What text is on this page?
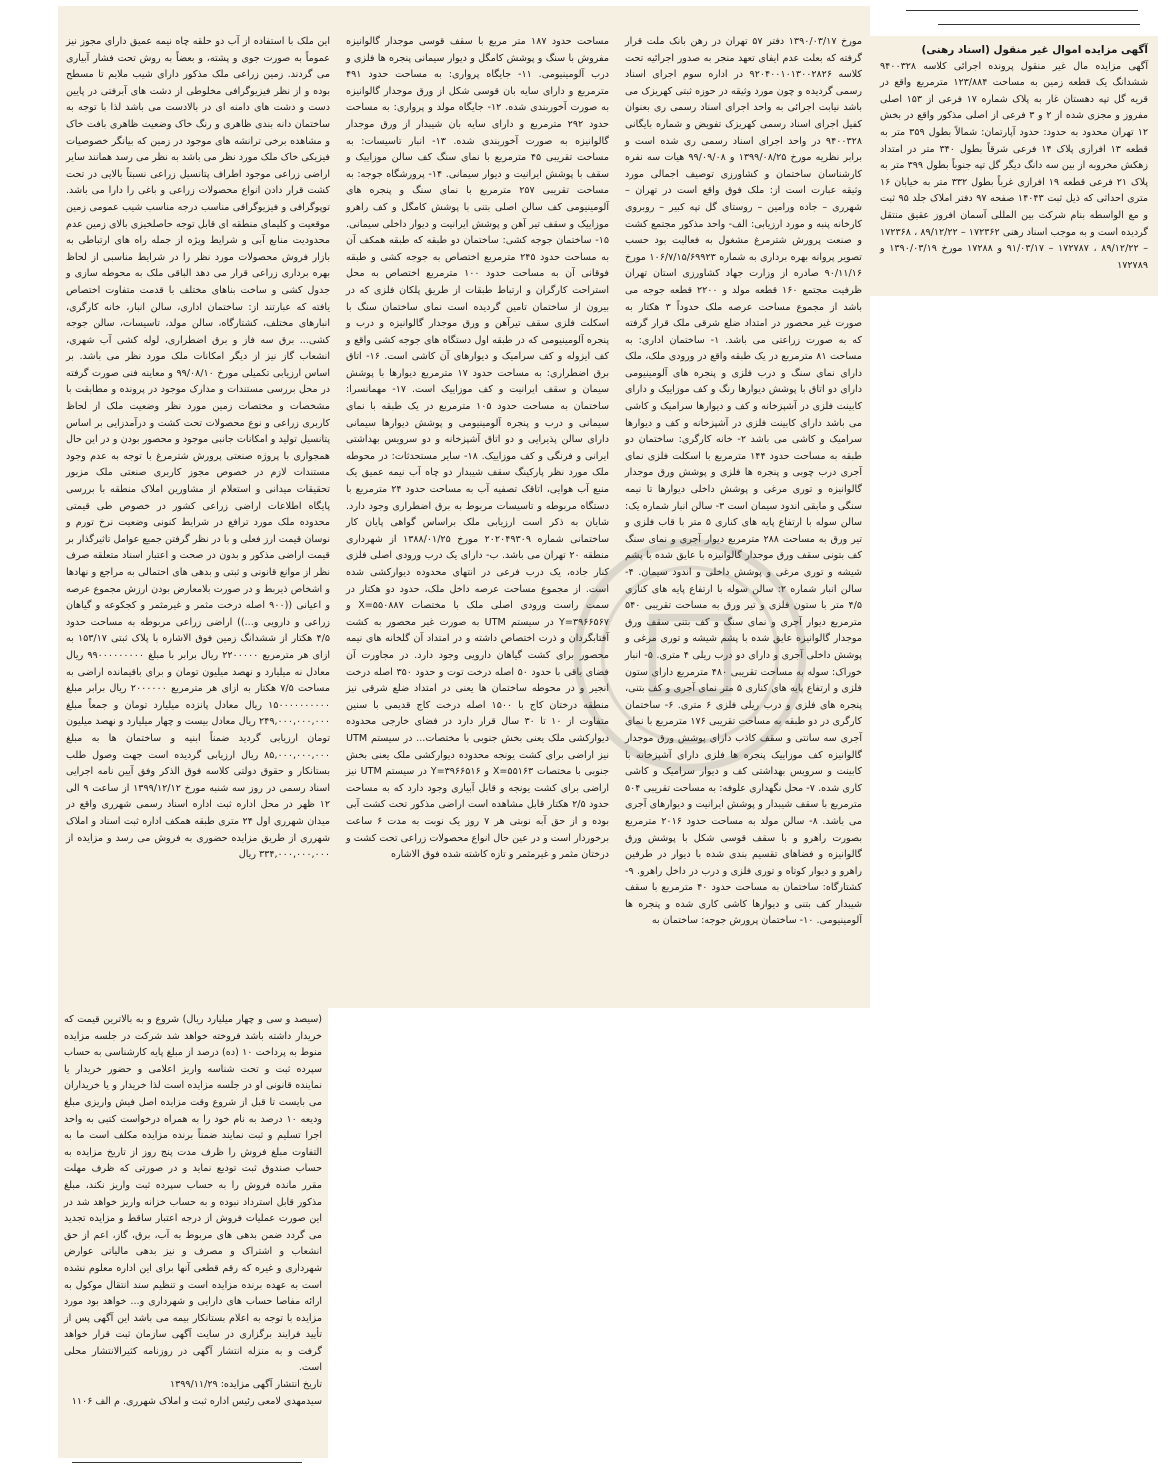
آگهی مزایده اموال غیر منقول (اسناد رهنی)
آگهی مزایده مال غیر منقول پرونده اجرائی کلاسه ۹۴۰۰۳۲۸ ششدانگ یک قطعه زمین به مساحت ۱۲۳/۸۸۴ مترمربع واقع در قریه گل تپه دهستان غار به پلاک شماره ۱۷ فرعی از ۱۵۳ اصلی مفروز و مجزی شده از ۲ و ۳ فرعی از اصلی مذکور واقع در بخش ۱۲ تهران محدود به حدود: حدود آپارتمان: شمالاً بطول ۳۵۹ متر به قطعه ۱۳ افرازی پلاک ۱۴ فرعی شرقاً بطول ۳۴۰ متر در امتداد زهکش مخروبه از بین سه دانگ دیگر گل تپه جنوباً بطول ۳۹۹ متر به پلاک ۲۱ فرعی قطعه ۱۹ افرازی غرباً بطول ۳۳۲ متر به خیابان ۱۶ متری احداثی که ذیل ثبت ۱۴۰۴۳ صفحه ۹۷ دفتر املاک جلد ۹۵ ثبت و مع الواسطه بنام شرکت بین المللی آسمان افروز عقیق منتقل گردیده است و به موجب اسناد رهنی ۱۷۲۳۶۲ – ۸۹/۱۲/۲۲ ، ۱۷۲۳۶۸ – ۸۹/۱۲/۲۲ ، ۱۷۲۷۸۷ – ۹۱/۰۳/۱۷ و ۱۷۲۸۸ مورخ ۱۳۹۰/۰۳/۱۹ و ۱۷۲۷۸۹
مورخ ۱۳۹۰/۰۳/۱۷ دفتر ۵۷ تهران در رهن بانک ملت قرار گرفته که بعلت عدم ایفای تعهد منجر به صدور اجرائیه تحت کلاسه ۹۲۰۴۰۰۱۰۱۳۰۰۲۸۲۶ در اداره سوم اجرای اسناد رسمی گردیده و چون مورد وثیقه در حوزه ثبتی کهریزک می باشد نیابت اجرائی به واحد اجرای اسناد رسمی ری بعنوان کفیل اجرای اسناد رسمی کهریزک تفویض و شماره بایگانی ۹۴۰۰۳۲۸ در واحد اجرای اسناد رسمی ری شده است و برابر نظریه مورخ ۱۳۹۹/۰۸/۲۵ و ۹۹/۰۹/۰۸ هیات سه نفره کارشناسان ساختمان و کشاورزی توصیف اجمالی مورد وثیقه عبارت است از: ملک فوق واقع است در تهران – شهرری – جاده ورامین – روستای گل تپه کبیر – روبروی کارخانه پنبه و مورد ارزیابی: الف- واحد مذکور مجتمع کشت و صنعت پرورش شترمرغ مشغول به فعالیت بود حسب تصویر پروانه بهره برداری به شماره ۱۰۶/۷/۱۵/۶۹۹۲۳ مورخ ۹۰/۱۱/۱۶ صادره از وزارت جهاد کشاورزی استان تهران ظرفیت مجتمع ۱۶۰ قطعه مولد و ۲۲۰۰ قطعه جوجه می باشد از مجموع مساحت عرصه ملک حدوداً ۳ هکتار به صورت غیر محصور در امتداد ضلع شرقی ملک قرار گرفته که به صورت زراعتی می باشد. ۱- ساختمان اداری: به مساحت ۸۱ مترمربع در یک طبقه واقع در ورودی ملک، ملک دارای نمای سنگ و درب فلزی و پنجره های آلومینیومی دارای دو اتاق با پوشش دیوارها رنگ و کف موزاییک و دارای کابینت فلزی در آشپزخانه و کف و دیوارها سرامیک و کاشی می باشد دارای کابینت فلزی در آشپزخانه و کف و دیوارها سرامیک و کاشی می باشد ۲- خانه کارگری: ساختمان دو طبقه به مساحت حدود ۱۴۴ مترمربع با اسکلت فلزی نمای آجری درب چوبی و پنجره ها فلزی و پوشش ورق موجدار گالوانیزه و توری مرغی و پوشش داخلی دیوارها تا نیمه سنگی و مابقی اندود سیمان است ۳- سالن انبار شماره یک: سالن سوله با ارتفاع پایه های کناری ۵ متر با قاب فلزی و تیر ورق به مساحت ۲۸۸ مترمربع دیوار آجری و نمای سنگ کف بتونی سقف ورق موجدار گالوانیزه با عایق شده با پشم شیشه و توری مرغی و پوشش داخلی و اندود سیمان. ۴- سالن انبار شماره ۲: سالن سوله با ارتفاع پایه های کناری ۴/۵ متر با ستون فلزی و تیر ورق به مساحت تقریبی ۵۴۰ مترمربع دیوار آجری و نمای سنگ و کف بتنی سقف ورق موجدار گالوانیزه عایق شده با پشم شیشه و توری مرغی و پوشش داخلی آجری و دارای دو درب ریلی ۴ متری. ۵- انبار خوراک: سوله به مساحت تقریبی ۴۸۰ مترمربع دارای ستون فلزی و ارتفاع پایه های کناری ۵ متر نمای آجری و کف بتنی، پنجره های فلزی و درب ریلی فلزی ۶ متری. ۶- ساختمان کارگری در دو طبقه به مساحت تقریبی ۱۷۶ مترمربع با نمای آجری سه سانتی و سقف کاذب دارای پوشش ورق موجدار گالوانیزه کف موزاییک پنجره ها فلزی دارای آشپزخانه با کابینت و سرویس بهداشتی کف و دیوار سرامیک و کاشی کاری شده. ۷- محل نگهداری علوفه: به مساحت تقریبی ۵۰۴ مترمربع با سقف شیبدار و پوشش ایرانیت و دیوارهای آجری می باشد. ۸- سالن مولد به مساحت حدود ۲۰۱۶ مترمربع بصورت راهرو و با سقف قوسی شکل با پوشش ورق گالوانیزه و فضاهای تقسیم بندی شده با دیوار در طرفین راهرو و دیوار کوتاه و توری فلزی و درب در داخل راهرو. ۹- کشتارگاه: ساختمان به مساحت حدود ۴۰ مترمربع با سقف شیبدار کف بتنی و دیوارها کاشی کاری شده و پنجره ها آلومینیومی. ۱۰- ساختمان پرورش جوجه: ساختمان به
مساحت حدود ۱۸۷ متر مربع با سقف قوسی موجدار گالوانیزه مفروش با سنگ و پوشش کامگل و دیوار سیمانی پنجره ها فلزی و درب آلومینیومی. ۱۱- جایگاه پرواری: به مساحت حدود ۴۹۱ مترمربع و دارای سایه بان قوسی شکل از ورق موجدار گالوانیزه به صورت آخوربندی شده. ۱۲- جایگاه مولد و پرواری: به مساحت حدود ۲۹۲ مترمربع و دارای سایه بان شیبدار از ورق موجدار گالوانیزه به صورت آخوربندی شده. ۱۳- انبار تاسیسات: به مساحت تقریبی ۴۵ مترمربع با نمای سنگ کف سالن موزاییک و سقف با پوشش ایرانیت و دیوار سیمانی. ۱۴- پرورشگاه جوجه: به مساحت تقریبی ۲۵۷ مترمربع با نمای سنگ و پنجره های آلومینیومی کف سالن اصلی بتنی با پوشش کامگل و کف راهرو موزاییک و سقف تیر آهن و پوشش ایرانیت و دیوار داخلی سیمانی. ۱۵- ساختمان جوجه کشی: ساختمان دو طبقه که طبقه همکف آن به مساحت حدود ۲۴۵ مترمربع اختصاص به جوجه کشی و طبقه فوقانی آن به مساحت حدود ۱۰۰ مترمربع اختصاص به محل استراحت کارگران و ارتباط طبقات از طریق پلکان فلزی که در بیرون از ساختمان تامین گردیده است نمای ساختمان سنگ با اسکلت فلزی سقف تیرآهن و ورق موجدار گالوانیزه و درب و پنجره آلومینیومی که در طبقه اول دستگاه های جوجه کشی واقع و کف ایزوله و کف سرامیک و دیوارهای آن کاشی است. ۱۶- اتاق برق اضطراری: به مساحت حدود ۱۷ مترمربع دیوارها با پوشش سیمان و سقف ایرانیت و کف موزاییک است. ۱۷- مهمانسرا: ساختمان به مساحت حدود ۱۰۵ مترمربع در یک طبقه با نمای سیمانی و درب و پنجره آلومینیومی و پوشش دیوارها سیمانی دارای سالن پذیرایی و دو اتاق آشپزخانه و دو سرویس بهداشتی ایرانی و فرنگی و کف موزاییک. ۱۸- سایر مستحدثات: در محوطه ملک مورد نظر پارکینگ سقف شیبدار دو چاه آب نیمه عمیق یک منبع آب هوایی، اتاقک تصفیه آب به مساحت حدود ۲۴ مترمربع با دستگاه مربوطه و تاسیسات مربوط به برق اضطراری وجود دارد. شایان به ذکر است ارزیابی ملک براساس گواهی پایان کار ساختمانی شماره ۲۰۲۰۴۹۳۰۹ مورخ ۱۳۸۸/۰۱/۲۵ از شهرداری منطقه ۲۰ تهران می باشد. ب- دارای یک درب ورودی اصلی فلزی کنار جاده، یک درب فرعی در انتهای محدوده دیوارکشی شده است. از مجموع مساحت عرصه داخل ملک، حدود دو هکتار در سمت راست ورودی اصلی ملک با مختصات X=۵۵۰۸۸۷ و Y=۳۹۶۶۵۶۷ در سیستم UTM به صورت غیر محصور به کشت آفتابگردان و ذرت اختصاص داشته و در امتداد آن گلخانه های نیمه محصور برای کشت گیاهان دارویی وجود دارد. در مجاورت آن فضای باقی با حدود ۵۰ اصله درخت توت و حدود ۳۵۰ اصله درخت انجیر و در محوطه ساختمان ها یعنی در امتداد ضلع شرقی نیز منطقه درختان کاج با ۱۵۰۰ اصله درخت کاج قدیمی با سنین متفاوت از ۱۰ تا ۳۰ سال قرار دارد در فضای خارجی محدوده دیوارکشی ملک یعنی بخش جنوبی با مختصات... در سیستم UTM نیز اراضی برای کشت یونجه محدوده دیوارکشی ملک یعنی بخش جنوبی با مختصات X=۵۵۱۶۳ و Y=۳۹۶۶۵۱۶ در سیستم UTM نیز اراضی برای کشت یونجه و قابل آبیاری وجود دارد که به مساحت حدود ۲/۵ هکتار قابل مشاهده است اراضی مذکور تحت کشت آبی بوده و از حق آبه نوبتی هر ۷ روز یک نوبت به مدت ۶ ساعت برخوردار است و در عین حال انواع محصولات زراعی تحت کشت و درختان مثمر و غیرمثمر و تازه کاشته شده فوق الاشاره
این ملک با استفاده از آب دو حلقه چاه نیمه عمیق دارای مجوز نیز عموماً به صورت جوی و پشته، و بعضاً به روش تحت فشار آبیاری می گردند. زمین زراعی ملک مذکور دارای شیب ملایم تا مسطح بوده و از نظر فیزیوگرافی مخلوطی از دشت های آبرفتی در پایین دست و دشت های دامنه ای در بالادست می باشد لذا با توجه به ساختمان دانه بندی ظاهری و رنگ خاک وضعیت ظاهری بافت خاک و مشاهده برخی ترانشه های موجود در زمین که بیانگر خصوصیات فیزیکی خاک ملک مورد نظر می باشد به نظر می رسد همانند سایر اراضی زراعی موجود اطراف پتانسیل زراعی نسبتاً بالایی در تحت کشت قرار دادن انواع محصولات زراعی و باغی را دارا می باشد. توپوگرافی و فیزیوگرافی مناسب درجه مناسب شیب عمومی زمین موقعیت و کلیمای منطقه ای قابل توجه حاصلخیزی بالای زمین عدم محدودیت منابع آبی و شرایط ویژه از جمله راه های ارتباطی به بازار فروش محصولات مورد نظر را در شرایط مناسبی از لحاظ بهره برداری زراعی قرار می دهد الباقی ملک به محوطه سازی و جدول کشی و ساخت بناهای مختلف با قدمت متفاوت اختصاص یافته که عبارتند از: ساختمان اداری، سالن انبار، خانه کارگری، انبارهای مختلف، کشتارگاه، سالن مولد، تاسیسات، سالن جوجه کشی... برق سه فاز و برق اضطراری، لوله کشی آب شهری، انشعاب گاز نیز از دیگر امکانات ملک مورد نظر می باشد. بر اساس ارزیابی تکمیلی مورخ ۹۹/۰۸/۱۰ و معاینه فنی صورت گرفته در محل بررسی مستندات و مدارک موجود در پرونده و مطابقت با مشخصات و مختصات زمین مورد نظر وضعیت ملک از لحاظ کاربری زراعی و نوع محصولات تحت کشت و درآمدزایی بر اساس پتانسیل تولید و امکانات جانبی موجود و محصور بودن و در این حال همجواری با پروژه صنعتی پرورش شترمرغ با توجه به عدم وجود مستندات لازم در خصوص مجوز کاربری صنعتی ملک مزبور تحقیقات میدانی و استعلام از مشاورین املاک منطقه با بررسی پایگاه اطلاعات اراضی زراعی کشور در خصوص طی قیمتی محدوده ملک مورد ترافع در شرایط کنونی وضعیت نرخ تورم و نوسان قیمت ارز فعلی و با در نظر گرفتن جمیع عوامل تاثیرگذار بر قیمت اراضی مذکور و بدون در صحت و اعتبار اسناد متعلقه صرف نظر از موانع قانونی و ثبتی و بدهی های احتمالی به مراجع و نهادها و اشخاص ذیربط و در صورت بلامعارض بودن ارزش مجموع عرصه و اعیانی ((۹۰۰ اصله درخت مثمر و غیرمثمر و کجکوعه و گیاهان زراعی و دارویی و...)) اراضی زراعی مربوطه به مساحت حدود ۴/۵ هکتار از ششدانگ زمین فوق الاشاره با پلاک ثبتی ۱۵۳/۱۷ به ازای هر مترمربع ۲۲۰۰۰۰۰ ریال برابر با مبلغ ۹۹۰۰۰۰۰۰۰۰۰ ریال معادل نه میلیارد و نهصد میلیون تومان و برای باقیمانده اراضی به مساحت ۷/۵ هکتار به ازای هر مترمربع ۲۰۰۰۰۰۰ ریال برابر مبلغ ۱۵۰۰۰۰۰۰۰۰۰۰ ریال معادل پانزده میلیارد تومان و جمعاً مبلغ ۲۴۹,۰۰۰,۰۰۰,۰۰۰ ریال معادل بیست و چهار میلیارد و نهصد میلیون تومان ارزیابی گردید ضمناً ابنیه و ساختمان ها به مبلغ ۸۵,۰۰۰,۰۰۰,۰۰۰ ریال ارزیابی گردیده است جهت وصول طلب بستانکار و حقوق دولتی کلاسه فوق الذکر وفق آیین نامه اجرایی اسناد رسمی در روز سه شنبه مورخ ۱۳۹۹/۱۲/۱۲ از ساعت ۹ الی ۱۲ ظهر در محل اداره ثبت اداره اسناد رسمی شهرری واقع در میدان شهرری اول ۲۴ متری طبقه همکف اداره ثبت اسناد و املاک شهرری از طریق مزایده حضوری به فروش می رسد و مزایده از ۳۳۴,۰۰۰,۰۰۰,۰۰۰ ریال
(سیصد و سی و چهار میلیارد ریال) شروع و به بالاترین قیمت که خریدار داشته باشد فروخته خواهد شد شرکت در جلسه مزایده منوط به پرداخت ۱۰ (ده) درصد از مبلغ پایه کارشناسی به حساب سپرده ثبت و تحت شناسه واریز اعلامی و حضور خریدار یا نماینده قانونی او در جلسه مزایده است لذا خریدار و یا خریداران می بایست تا قبل از شروع وقت مزایده اصل فیش واریزی مبلغ ودیعه ۱۰ درصد به نام خود را به همراه درخواست کتبی به واحد اجرا تسلیم و ثبت نمایند ضمناً برنده مزایده مکلف است ما به التفاوت مبلغ فروش را ظرف مدت پنج روز از تاریخ مزایده به حساب صندوق ثبت تودیع نماید و در صورتی که ظرف مهلت مقرر مانده فروش را به حساب سپرده ثبت واریز نکند، مبلغ مذکور قابل استرداد نبوده و به حساب خزانه واریز خواهد شد در این صورت عملیات فروش از درجه اعتبار ساقط و مزایده تجدید می گردد ضمن بدهی های مربوط به آب، برق، گاز، اعم از حق انشعاب و اشتراک و مصرف و نیز بدهی مالیاتی عوارض شهرداری و غیره که رقم قطعی آنها برای این اداره معلوم نشده است به عهده برنده مزایده است و تنظیم سند انتقال موکول به ارائه مفاصا حساب های دارایی و شهرداری و... خواهد بود مورد مزایده با توجه به اعلام بستانکار بیمه می باشد این آگهی پس از تأیید فرایند برگزاری در سایت آگهی سازمان ثبت قرار خواهد گرفت و به منزله انتشار آگهی در روزنامه کثیرالانتشار محلی است.
تاریخ انتشار آگهی مزایده: ۱۳۹۹/۱۱/۲۹
سیدمهدی لامعی رئیس اداره ثبت و املاک شهرری. م الف ۱۱۰۶
